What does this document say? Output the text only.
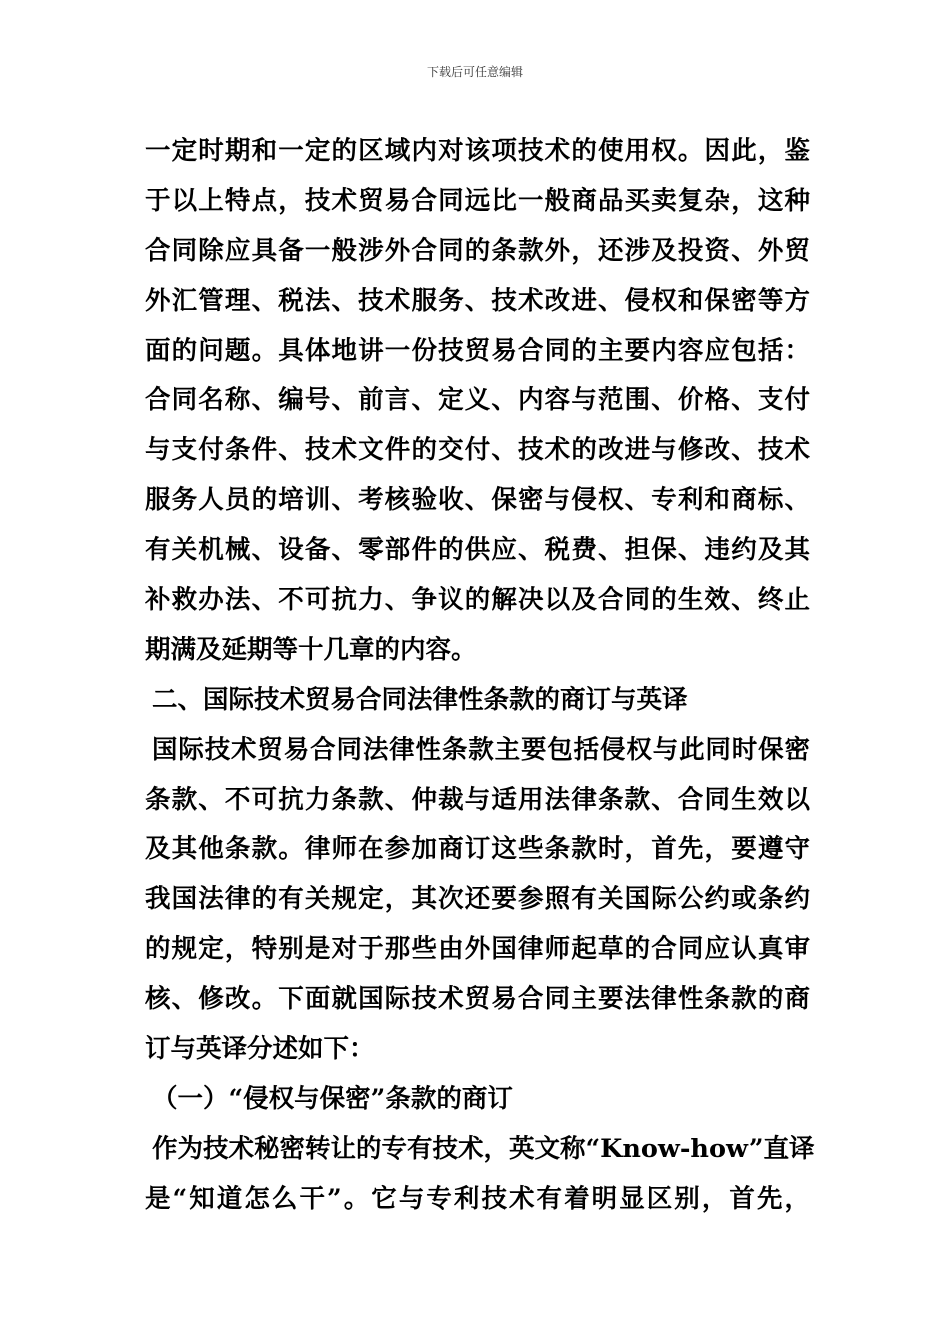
下载后可任意编辑
一定时期和一定的区域内对该项技术的使用权。因此，鉴
于以上特点，技术贸易合同远比一般商品买卖复杂，这种
合同除应具备一般涉外合同的条款外，还涉及投资、外贸
外汇管理、税法、技术服务、技术改进、侵权和保密等方
面的问题。具体地讲一份技贸易合同的主要内容应包括：
合同名称、编号、前言、定义、内容与范围、价格、支付
与支付条件、技术文件的交付、技术的改进与修改、技术
服务人员的培训、考核验收、保密与侵权、专利和商标、
有关机械、设备、零部件的供应、税费、担保、违约及其
补救办法、不可抗力、争议的解决以及合同的生效、终止
期满及延期等十几章的内容。
二、国际技术贸易合同法律性条款的商订与英译
国际技术贸易合同法律性条款主要包括侵权与此同时保密
条款、不可抗力条款、仲裁与适用法律条款、合同生效以
及其他条款。律师在参加商订这些条款时，首先，要遵守
我国法律的有关规定，其次还要参照有关国际公约或条约
的规定，特别是对于那些由外国律师起草的合同应认真审
核、修改。下面就国际技术贸易合同主要法律性条款的商
订与英译分述如下：
（一）“侵权与保密”条款的商订
作为技术秘密转让的专有技术，英文称“Know-how”直译
是“知道怎么干”。它与专利技术有着明显区别，首先，
